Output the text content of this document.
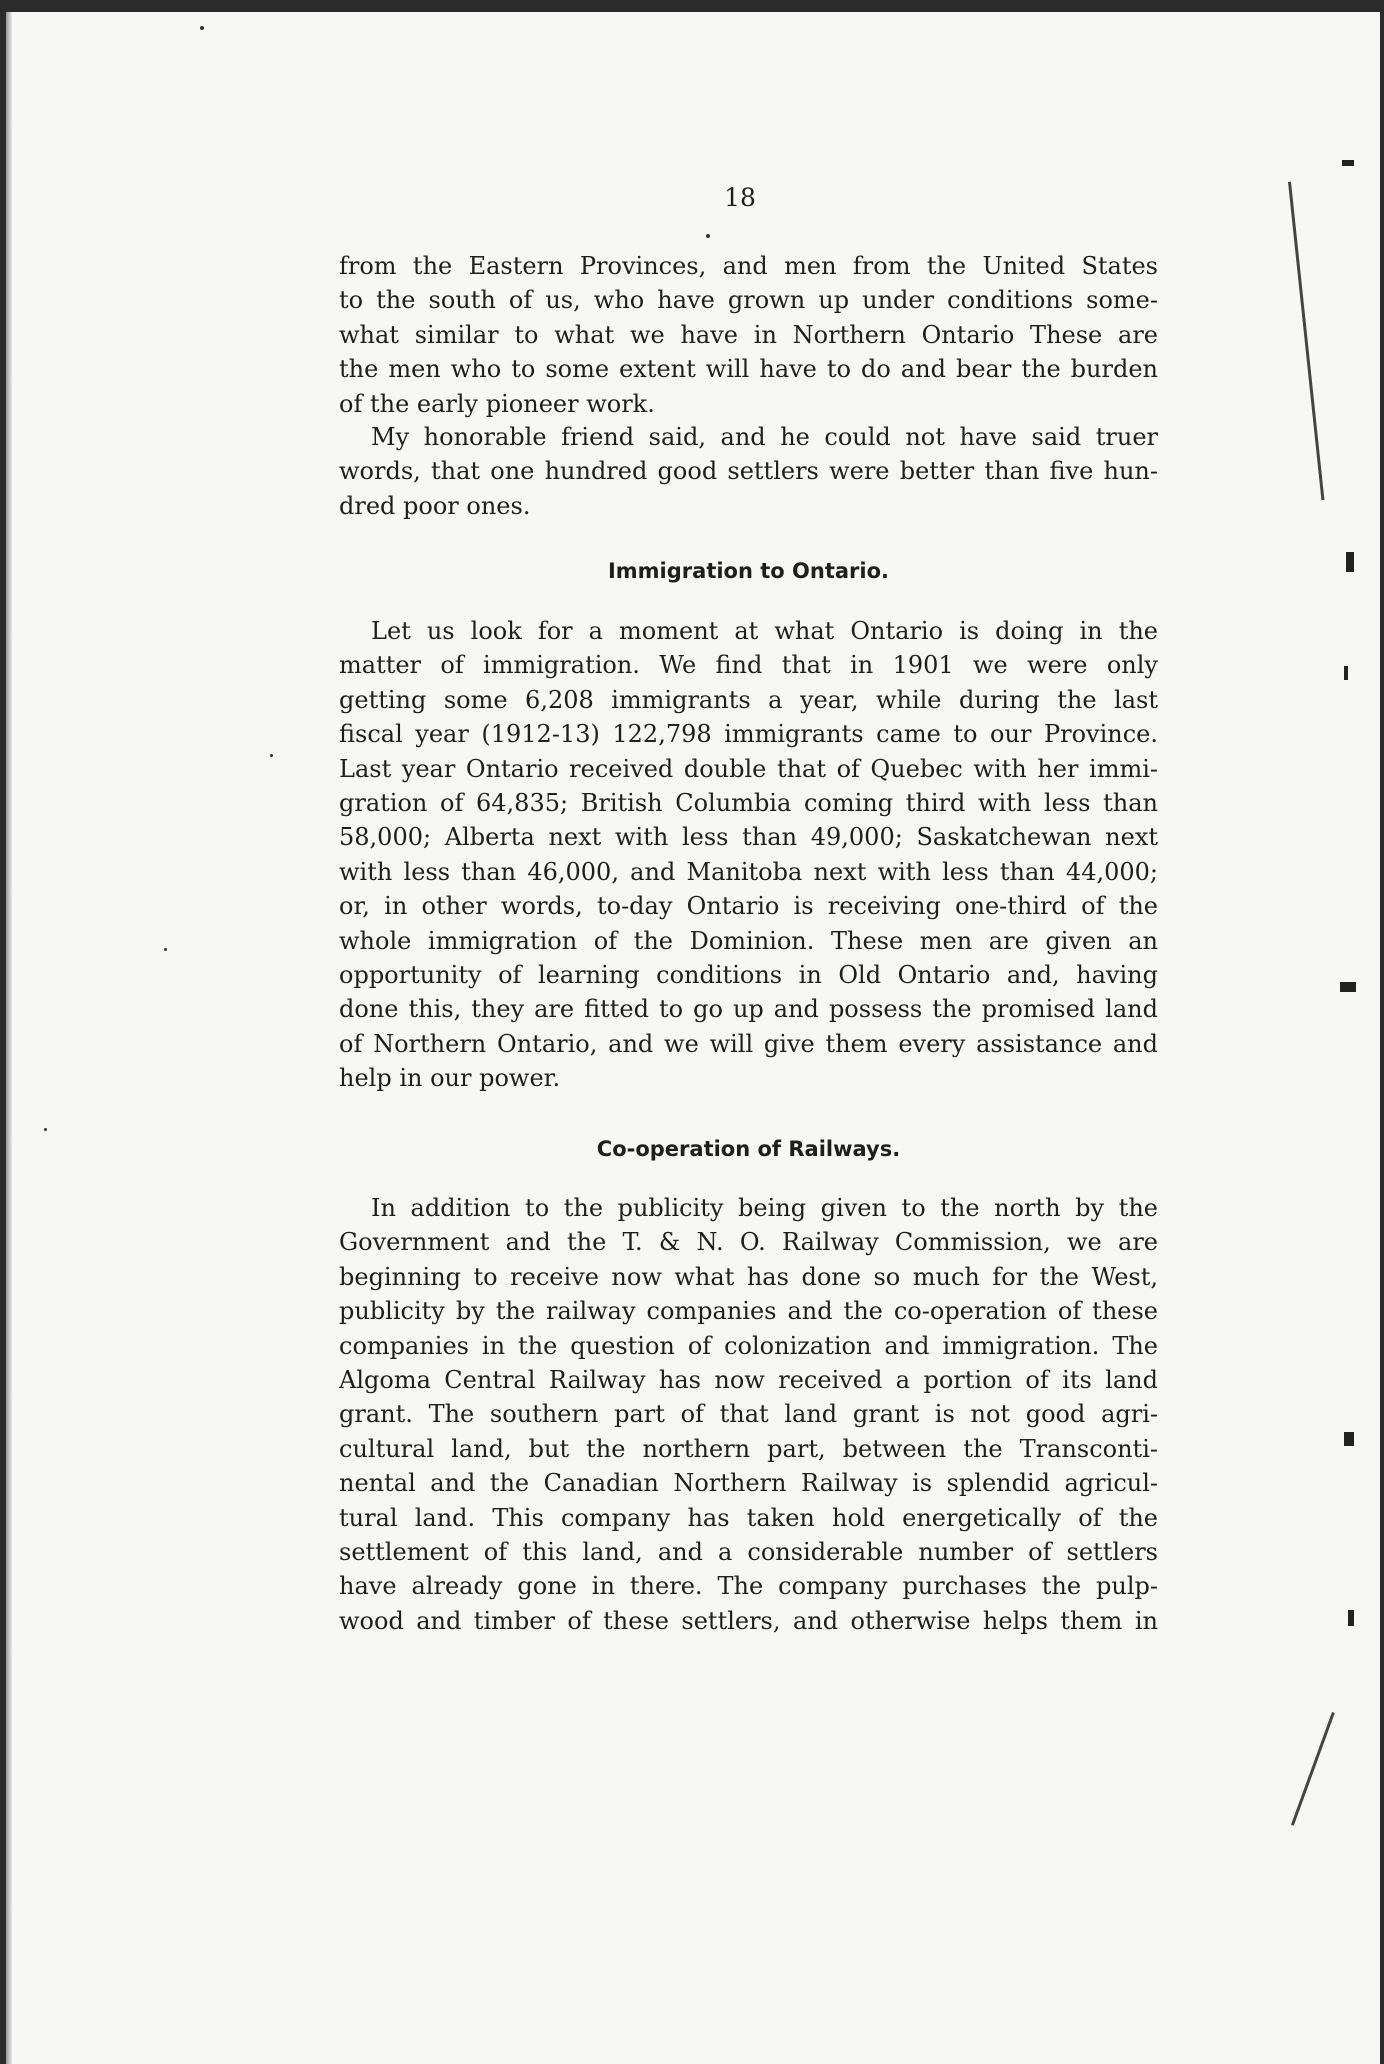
18
from the Eastern Provinces, and men from the United States
to the south of us, who have grown up under conditions some-
what similar to what we have in Northern Ontario These are
the men who to some extent will have to do and bear the burden
of the early pioneer work.
My honorable friend said, and he could not have said truer
words, that one hundred good settlers were better than five hun-
dred poor ones.
Immigration to Ontario.
Let us look for a moment at what Ontario is doing in the
matter of immigration. We find that in 1901 we were only
getting some 6,208 immigrants a year, while during the last
fiscal year (1912-13) 122,798 immigrants came to our Province.
Last year Ontario received double that of Quebec with her immi-
gration of 64,835; British Columbia coming third with less than
58,000; Alberta next with less than 49,000; Saskatchewan next
with less than 46,000, and Manitoba next with less than 44,000;
or, in other words, to-day Ontario is receiving one-third of the
whole immigration of the Dominion. These men are given an
opportunity of learning conditions in Old Ontario and, having
done this, they are fitted to go up and possess the promised land
of Northern Ontario, and we will give them every assistance and
help in our power.
Co-operation of Railways.
In addition to the publicity being given to the north by the
Government and the T. & N. O. Railway Commission, we are
beginning to receive now what has done so much for the West,
publicity by the railway companies and the co-operation of these
companies in the question of colonization and immigration. The
Algoma Central Railway has now received a portion of its land
grant. The southern part of that land grant is not good agri-
cultural land, but the northern part, between the Transconti-
nental and the Canadian Northern Railway is splendid agricul-
tural land. This company has taken hold energetically of the
settlement of this land, and a considerable number of settlers
have already gone in there. The company purchases the pulp-
wood and timber of these settlers, and otherwise helps them in
